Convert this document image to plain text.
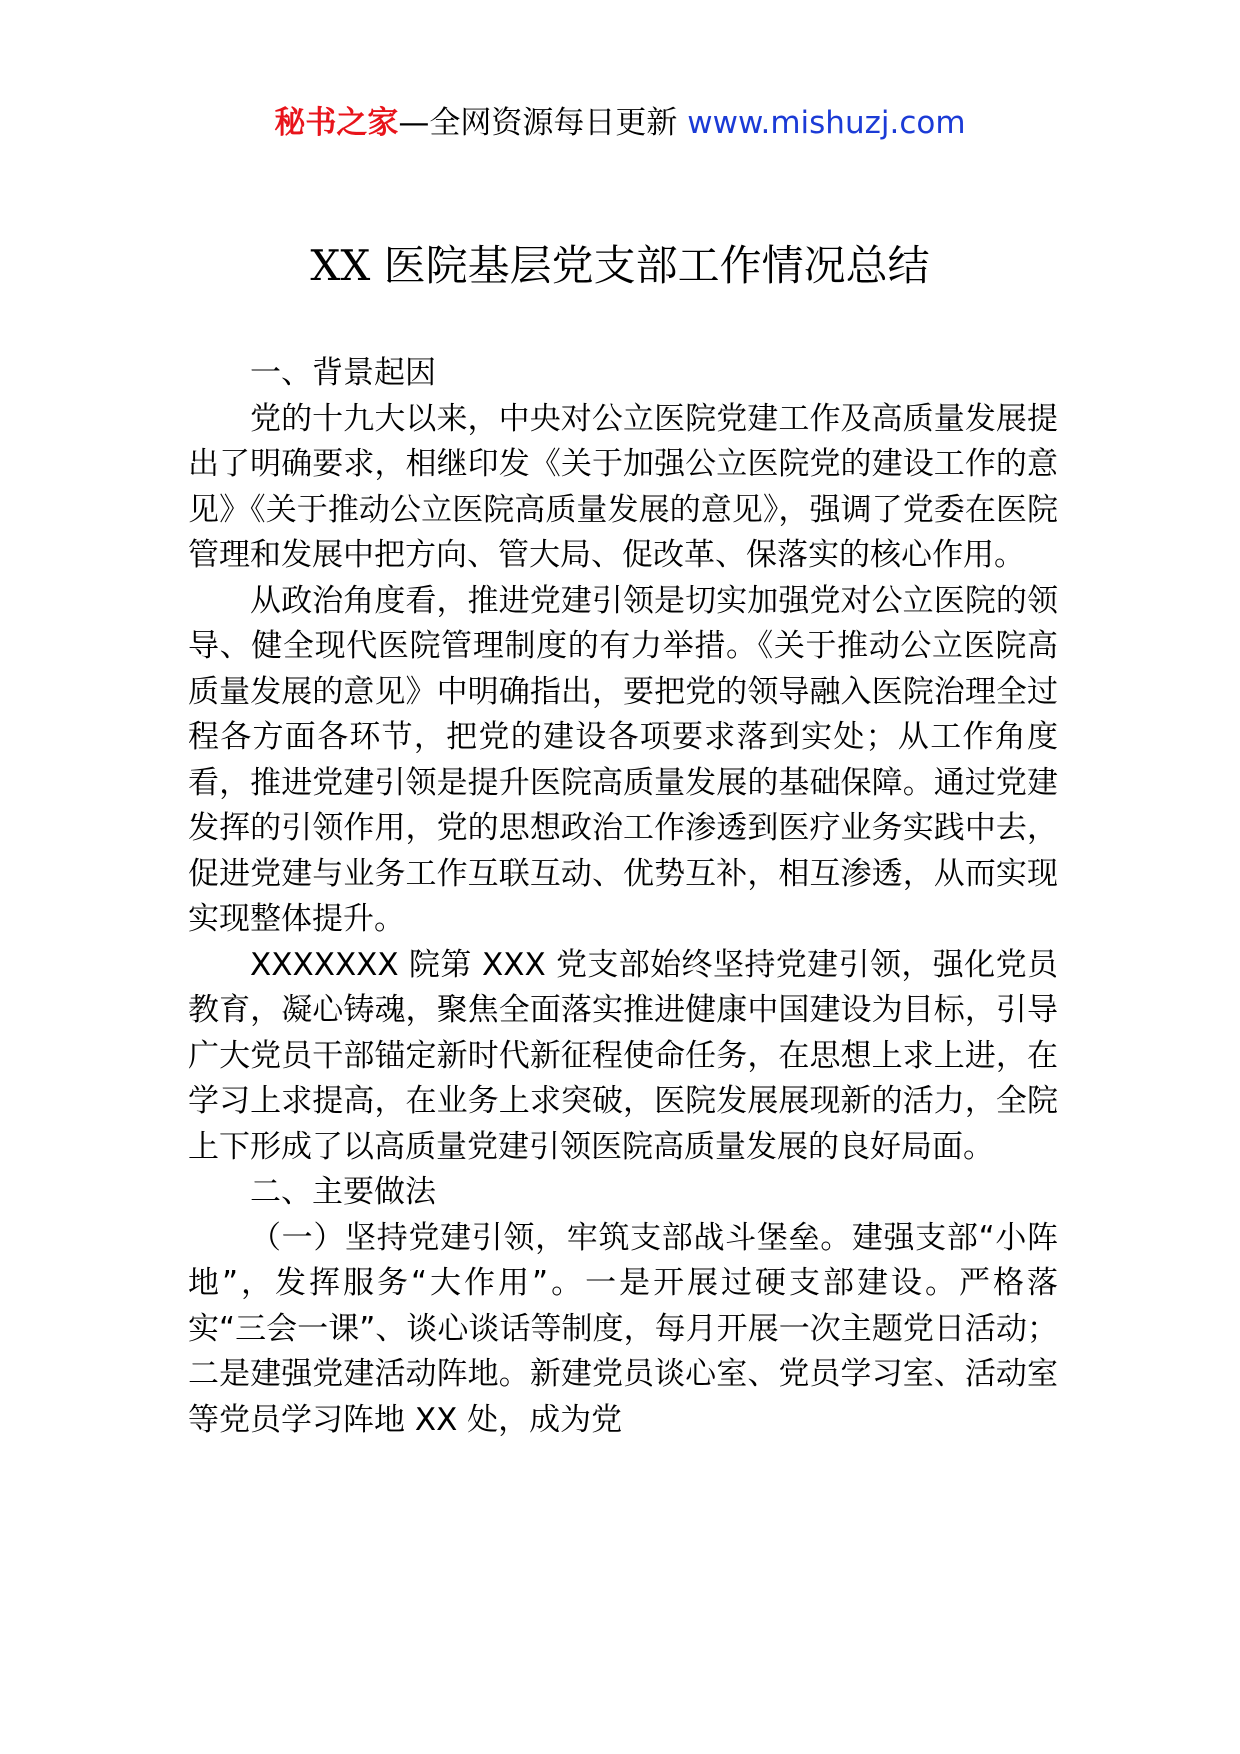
秘书之家—全网资源每日更新 www.mishuzj.com
XX 医院基层党支部工作情况总结

一、背景起因

党的十九大以来，中央对公立医院党建工作及高质量发展提出了明确要求，相继印发《关于加强公立医院党的建设工作的意见》《关于推动公立医院高质量发展的意见》，强调了党委在医院管理和发展中把方向、管大局、促改革、保落实的核心作用。

从政治角度看，推进党建引领是切实加强党对公立医院的领导、健全现代医院管理制度的有力举措。《关于推动公立医院高质量发展的意见》中明确指出，要把党的领导融入医院治理全过程各方面各环节，把党的建设各项要求落到实处；从工作角度看，推进党建引领是提升医院高质量发展的基础保障。通过党建发挥的引领作用，党的思想政治工作渗透到医疗业务实践中去，促进党建与业务工作互联互动、优势互补，相互渗透，从而实现实现整体提升。

XXXXXXX 院第 XXX 党支部始终坚持党建引领，强化党员教育，凝心铸魂，聚焦全面落实推进健康中国建设为目标，引导广大党员干部锚定新时代新征程使命任务，在思想上求上进，在学习上求提高，在业务上求突破，医院发展展现新的活力，全院上下形成了以高质量党建引领医院高质量发展的良好局面。

二、主要做法

（一）坚持党建引领，牢筑支部战斗堡垒。建强支部“小阵地”，发挥服务“大作用”。一是开展过硬支部建设。严格落实“三会一课”、谈心谈话等制度，每月开展一次主题党日活动；二是建强党建活动阵地。新建党员谈心室、党员学习室、活动室等党员学习阵地 XX 处，成为党
